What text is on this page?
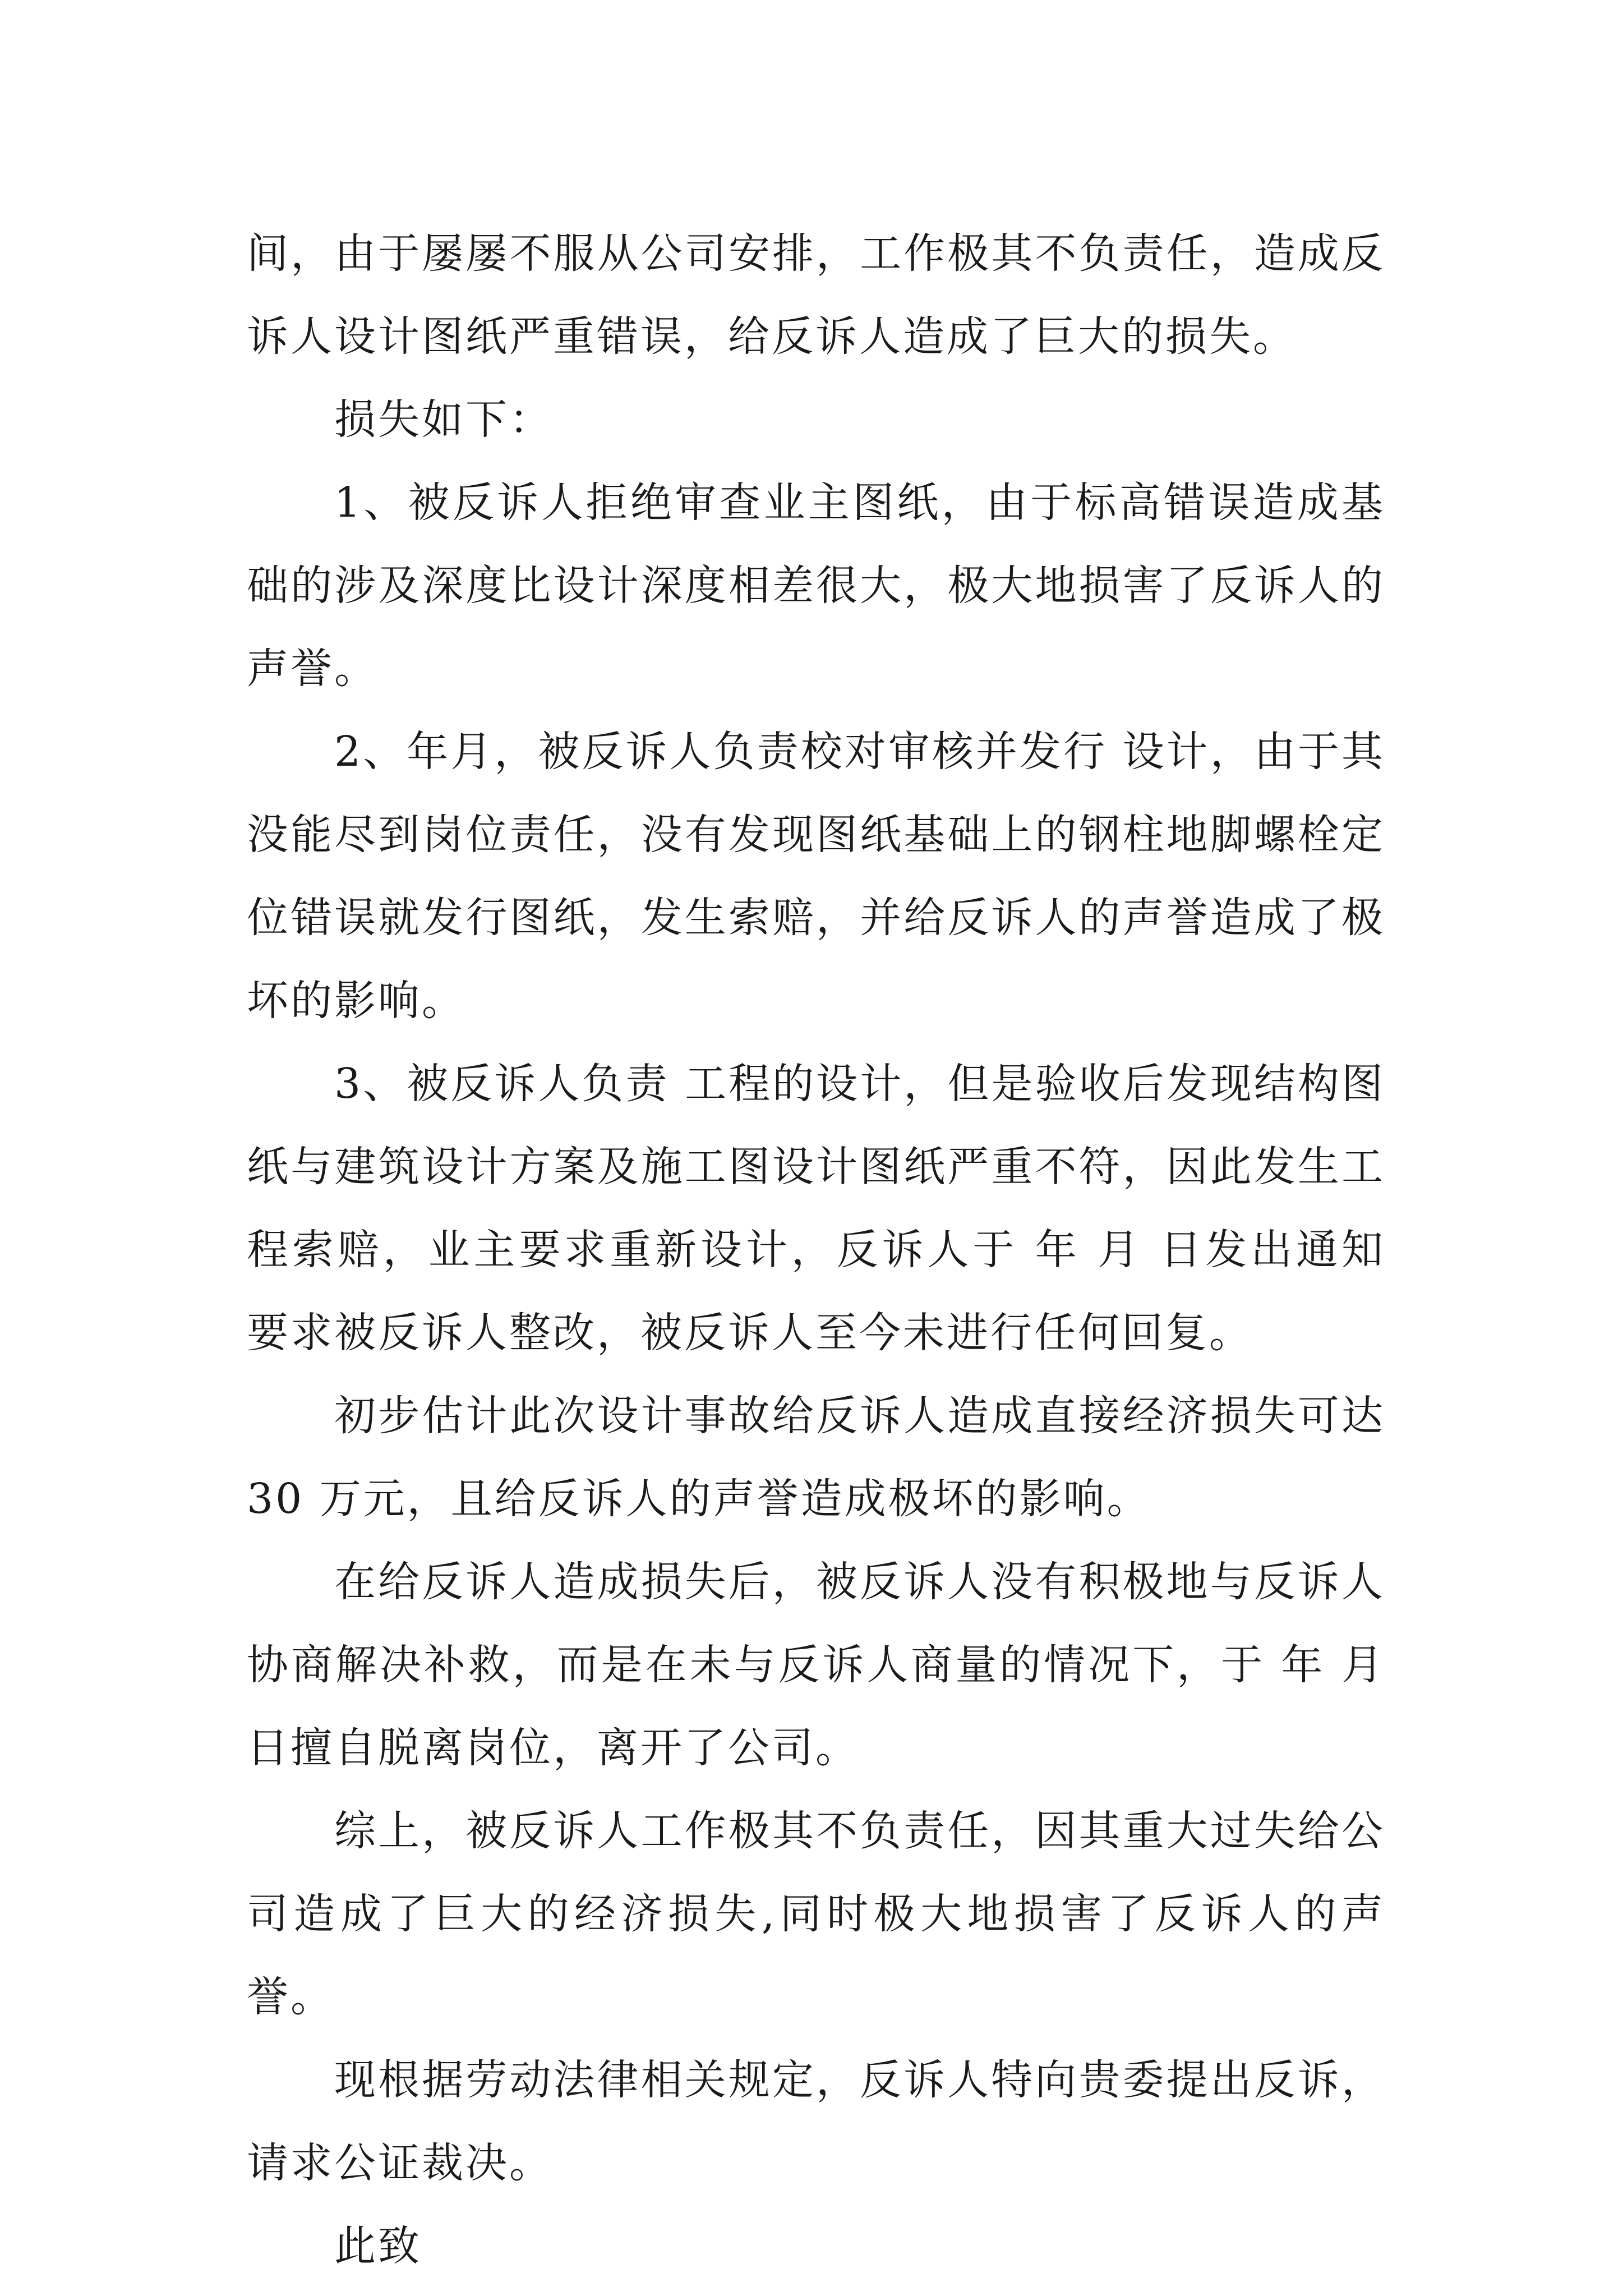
间，由于屡屡不服从公司安排，工作极其不负责任，造成反诉人设计图纸严重错误，给反诉人造成了巨大的损失。

损失如下：

1、被反诉人拒绝审查业主图纸，由于标高错误造成基础的涉及深度比设计深度相差很大，极大地损害了反诉人的声誉。

2、年月，被反诉人负责校对审核并发行 设计，由于其没能尽到岗位责任，没有发现图纸基础上的钢柱地脚螺栓定位错误就发行图纸，发生索赔，并给反诉人的声誉造成了极坏的影响。

3、被反诉人负责 工程的设计，但是验收后发现结构图纸与建筑设计方案及施工图设计图纸严重不符，因此发生工程索赔，业主要求重新设计，反诉人于 年 月 日发出通知要求被反诉人整改，被反诉人至今未进行任何回复。

初步估计此次设计事故给反诉人造成直接经济损失可达 30 万元，且给反诉人的声誉造成极坏的影响。

在给反诉人造成损失后，被反诉人没有积极地与反诉人协商解决补救，而是在未与反诉人商量的情况下，于 年 月日擅自脱离岗位，离开了公司。

综上，被反诉人工作极其不负责任，因其重大过失给公司造成了巨大的经济损失,同时极大地损害了反诉人的声誉。

现根据劳动法律相关规定，反诉人特向贵委提出反诉，请求公证裁决。

此致
